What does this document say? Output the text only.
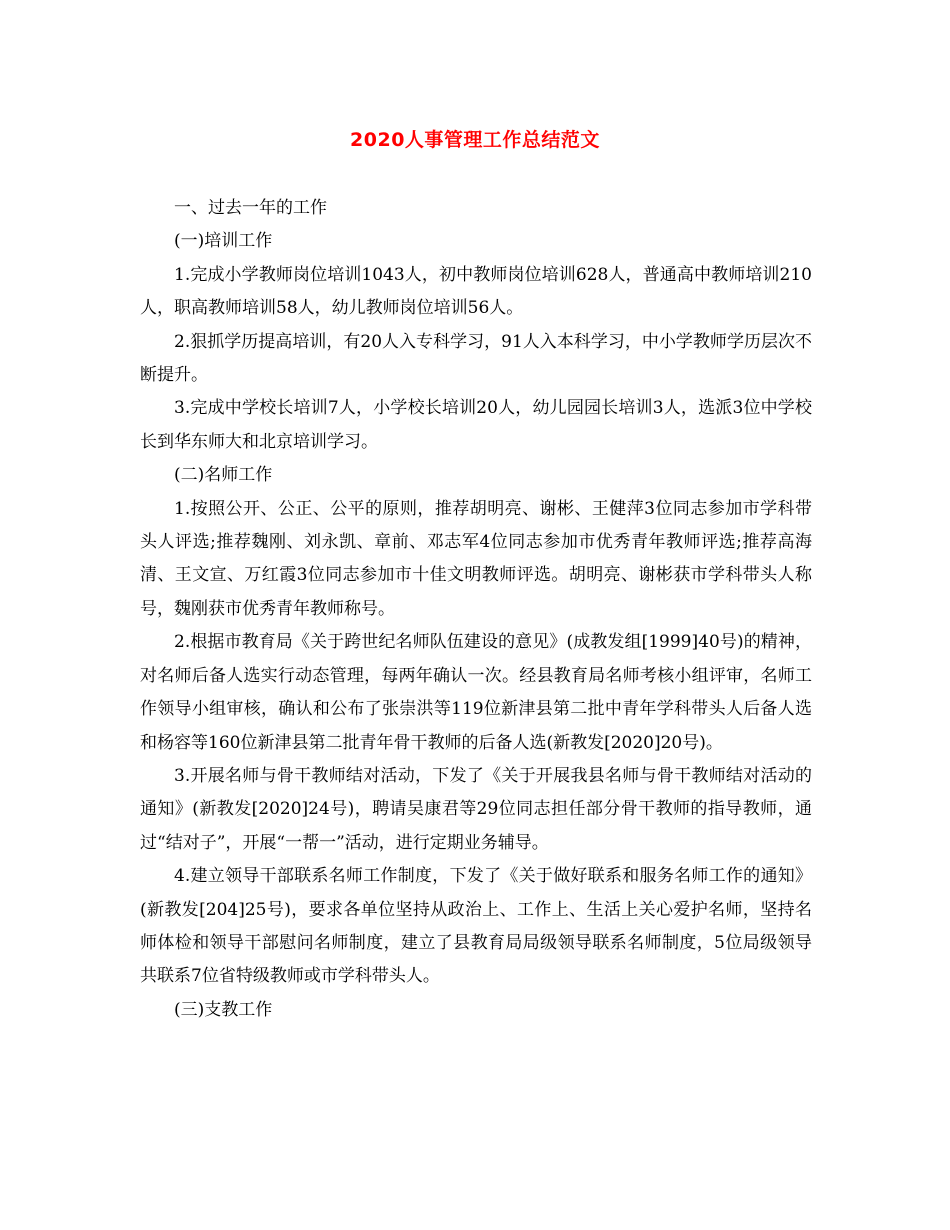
2020人事管理工作总结范文

一、过去一年的工作

(一)培训工作

1.完成小学教师岗位培训1043人，初中教师岗位培训628人，普通高中教师培训210人，职高教师培训58人，幼儿教师岗位培训56人。

2.狠抓学历提高培训，有20人入专科学习，91人入本科学习，中小学教师学历层次不断提升。

3.完成中学校长培训7人，小学校长培训20人，幼儿园园长培训3人，选派3位中学校长到华东师大和北京培训学习。

(二)名师工作

1.按照公开、公正、公平的原则，推荐胡明亮、谢彬、王健萍3位同志参加市学科带头人评选;推荐魏刚、刘永凯、章前、邓志军4位同志参加市优秀青年教师评选;推荐高海清、王文宣、万红霞3位同志参加市十佳文明教师评选。胡明亮、谢彬获市学科带头人称号，魏刚获市优秀青年教师称号。

2.根据市教育局《关于跨世纪名师队伍建设的意见》(成教发组[1999]40号)的精神，对名师后备人选实行动态管理，每两年确认一次。经县教育局名师考核小组评审，名师工作领导小组审核，确认和公布了张崇洪等119位新津县第二批中青年学科带头人后备人选和杨容等160位新津县第二批青年骨干教师的后备人选(新教发[2020]20号)。

3.开展名师与骨干教师结对活动，下发了《关于开展我县名师与骨干教师结对活动的通知》(新教发[2020]24号)，聘请吴康君等29位同志担任部分骨干教师的指导教师，通过“结对子”，开展“一帮一”活动，进行定期业务辅导。

4.建立领导干部联系名师工作制度，下发了《关于做好联系和服务名师工作的通知》(新教发[204]25号)，要求各单位坚持从政治上、工作上、生活上关心爱护名师，坚持名师体检和领导干部慰问名师制度，建立了县教育局局级领导联系名师制度，5位局级领导共联系7位省特级教师或市学科带头人。

(三)支教工作
